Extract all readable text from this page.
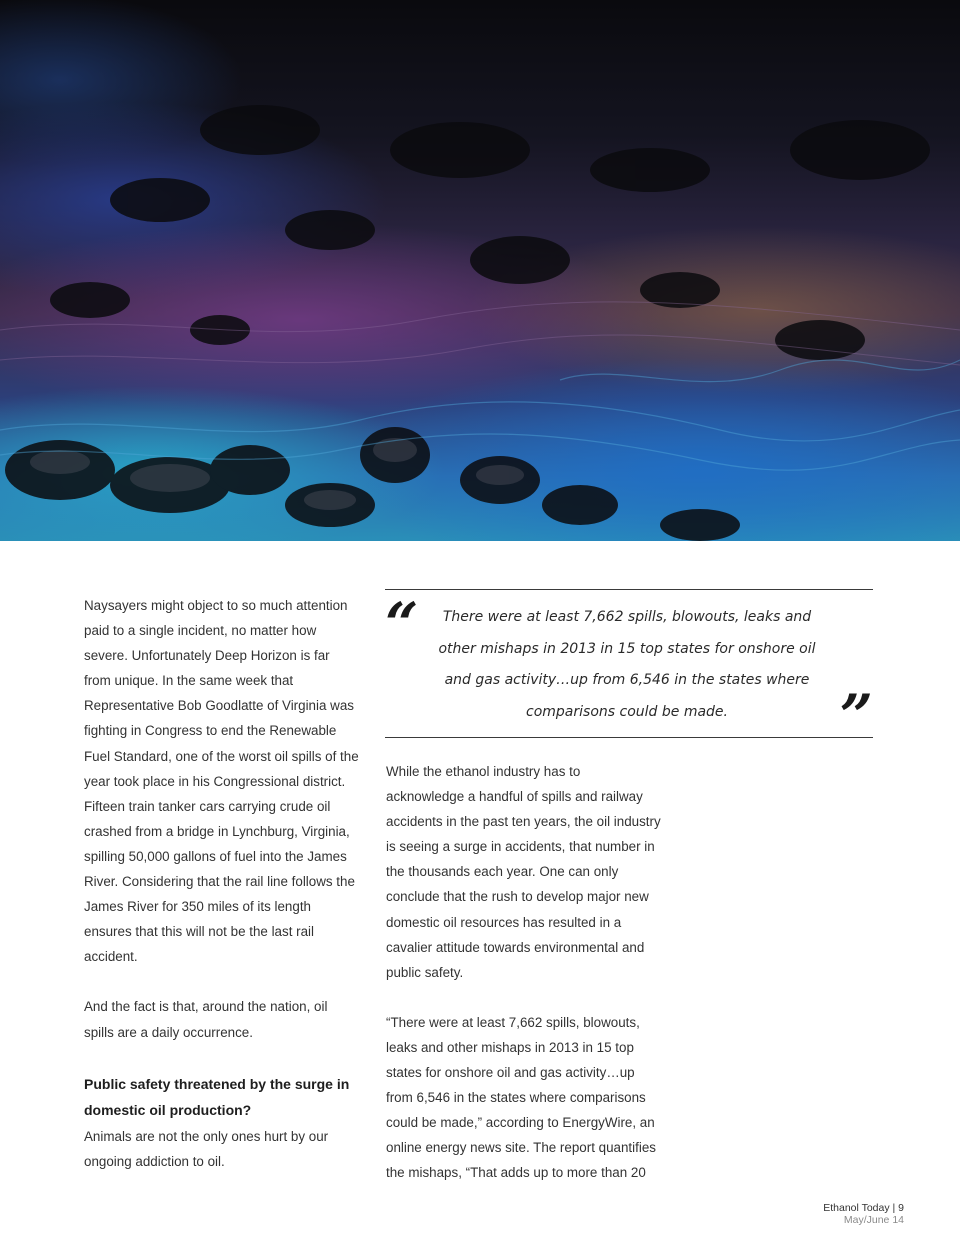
Naysayers might object to so much attention paid to a single incident, no matter how severe. Unfortunately Deep Horizon is far from unique. In the same week that Representative Bob Goodlatte of Virginia was fighting in Congress to end the Renewable Fuel Standard, one of the worst oil spills of the year took place in his Congressional district. Fifteen train tanker cars carrying crude oil crashed from a bridge in Lynchburg, Virginia, spilling 50,000 gallons of fuel into the James River. Considering that the rail line follows the James River for 350 miles of its length ensures that this will not be the last rail accident.

And the fact is that, around the nation, oil spills are a daily occurrence.

Public safety threatened by the surge in domestic oil production?

Animals are not the only ones hurt by our ongoing addiction to oil.

“	There were at least 7,662 spills, blowouts, leaks and other mishaps in 2013 in 15 top states for onshore oil and gas activity…up from 6,546 in the states where comparisons could be made.	”

While the ethanol industry has to acknowledge a handful of spills and railway accidents in the past ten years, the oil industry is seeing a surge in accidents, that number in the thousands each year. One can only conclude that the rush to develop major new domestic oil resources has resulted in a cavalier attitude towards environmental and public safety.

“There were at least 7,662 spills, blowouts, leaks and other mishaps in 2013 in 15 top states for onshore oil and gas activity…up from 6,546 in the states where comparisons could be made,” according to EnergyWire, an online energy news site. The report quantifies the mishaps, “That adds up to more than 20

Ethanol Today | 9
May/June 14
